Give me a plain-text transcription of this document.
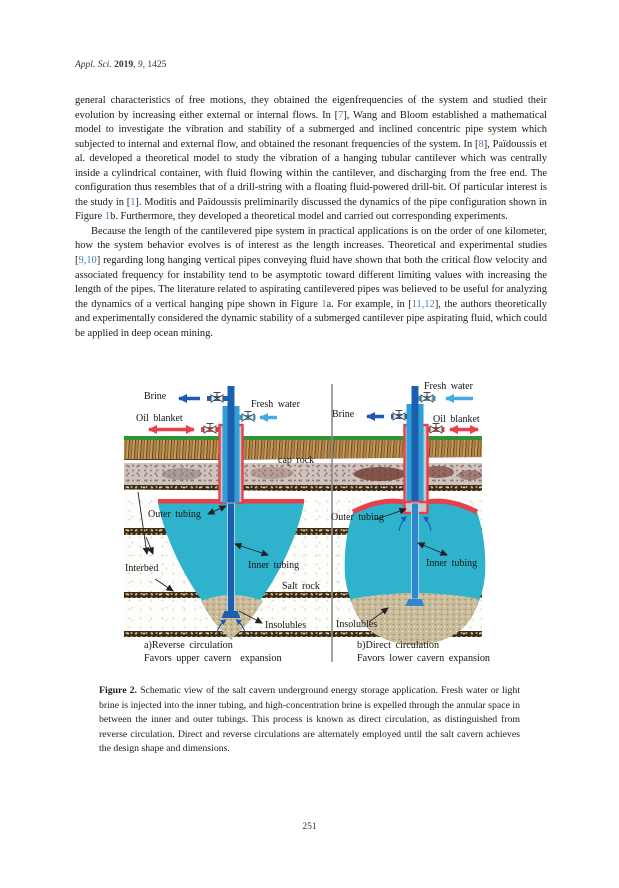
Appl. Sci. 2019, 9, 1425

general characteristics of free motions, they obtained the eigenfrequencies of the system and studied their evolution by increasing either external or internal flows. In [7], Wang and Bloom established a mathematical model to investigate the vibration and stability of a submerged and inclined concentric pipe system which subjected to internal and external flow, and obtained the resonant frequencies of the system. In [8], Païdoussis et al. developed a theoretical model to study the vibration of a hanging tubular cantilever which was centrally inside a cylindrical container, with fluid flowing within the cantilever, and discharging from the free end. The configuration thus resembles that of a drill-string with a floating fluid-powered drill-bit. Of particular interest is the study in [1]. Moditis and Païdoussis preliminarily discussed the dynamics of the pipe configuration shown in Figure 1b. Furthermore, they developed a theoretical model and carried out corresponding experiments.

Because the length of the cantilevered pipe system in practical applications is on the order of one kilometer, how the system behavior evolves is of interest as the length increases. Theoretical and experimental studies [9,10] regarding long hanging vertical pipes conveying fluid have shown that both the critical flow velocity and associated frequency for instability tend to be asymptotic toward different limiting values with increasing the length of the pipes. The literature related to aspirating cantilevered pipes was believed to be useful for analyzing the dynamics of a vertical hanging pipe shown in Figure 1a. For example, in [11,12], the authors theoretically and experimentally considered the dynamic stability of a submerged cantilever pipe aspirating fluid, which could be applied in deep ocean mining.

Brine
Fresh water
Oil blanket
cap rock
Outer tubing
Interbed	Inner tubing
Salt rock
Insolubles
a)Reverse circulation
Favors upper cavern  expansion
Fresh water
Brine	Oil blanket
Outer tubing
Inner tubing
Insolubles
b)Direct circulation
Favors lower cavern expansion
Figure 2. Schematic view of the salt cavern underground energy storage application. Fresh water or light brine is injected into the inner tubing, and high-concentration brine is expelled through the annular space in between the inner and outer tubings. This process is known as direct circulation, as distinguished from reverse circulation. Direct and reverse circulations are alternately employed until the salt cavern achieves the design shape and dimensions.
251
